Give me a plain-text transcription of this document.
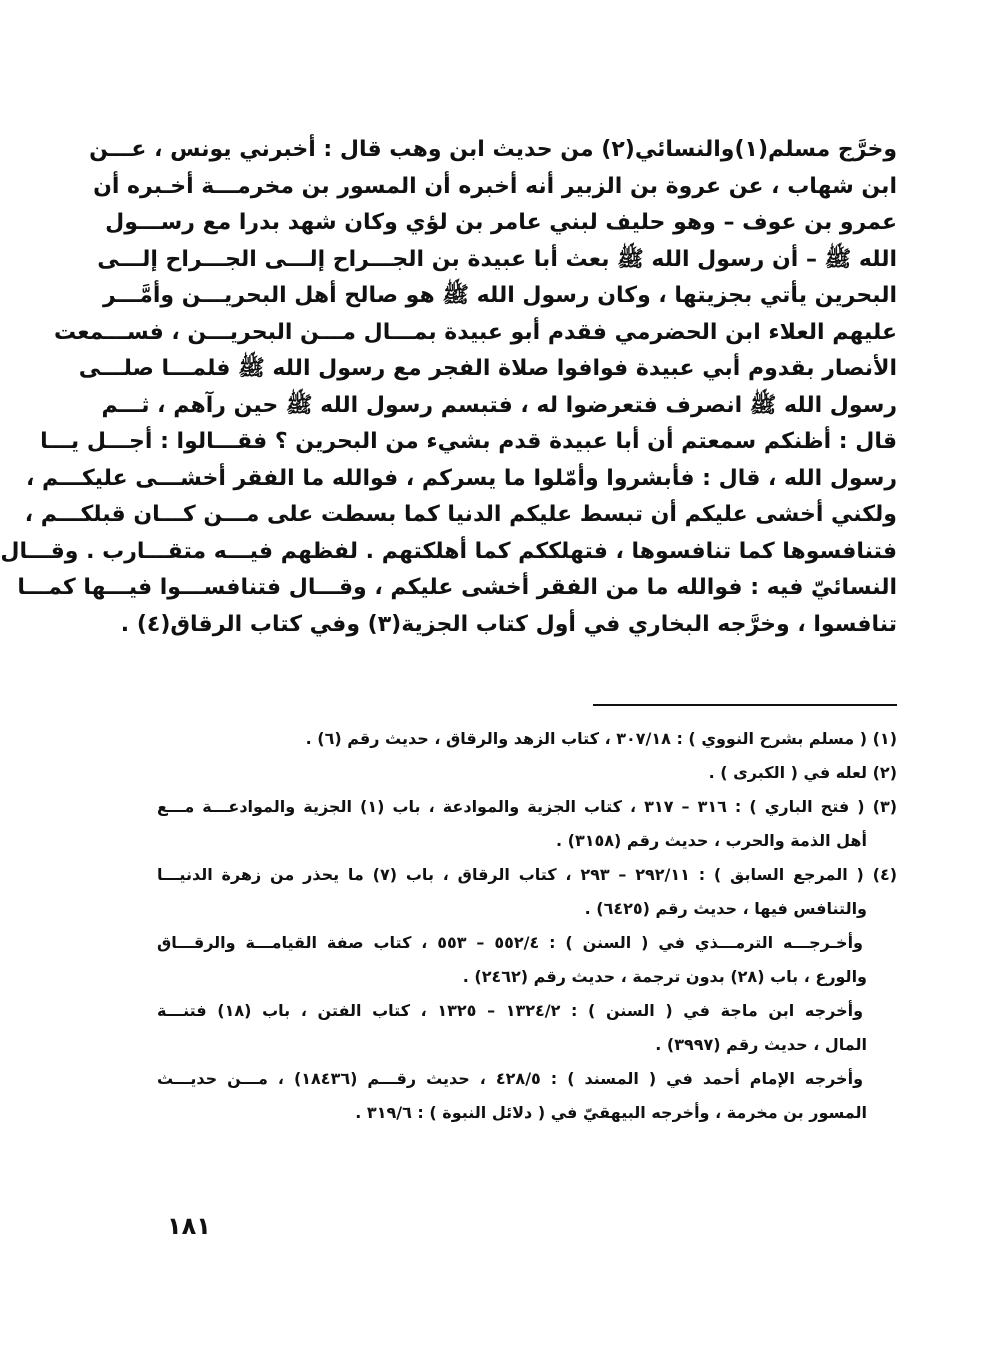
وخرَّج مسلم(١)والنسائي(٢) من حديث ابن وهب قال : أخبرني يونس ، عـــن
ابن شهاب ، عن عروة بن الزبير أنه أخبره أن المسور بن مخرمـــة أخـبره أن
عمرو بن عوف – وهو حليف لبني عامر بن لؤي وكان شهد بدرا مع رســـول
الله ﷺ – أن رسول الله ﷺ بعث أبا عبيدة بن الجـــراح إلـــى الجـــراح إلـــى
البحرين يأتي بجزيتها ، وكان رسول الله ﷺ هو صالح أهل البحريـــن وأمَّـــر
عليهم العلاء ابن الحضرمي فقدم أبو عبيدة بمـــال مـــن البحريـــن ، فســـمعت
الأنصار بقدوم أبي عبيدة فوافوا صلاة الفجر مع رسول الله ﷺ فلمـــا صلـــى
رسول الله ﷺ انصرف فتعرضوا له ، فتبسم رسول الله ﷺ حين رآهم ، ثـــم
قال : أظنكم سمعتم أن أبا عبيدة قدم بشيء من البحرين ؟ فقـــالوا : أجـــل يـــا
رسول الله ، قال : فأبشروا وأمّلوا ما يسركم ، فوالله ما الفقر أخشـــى عليكـــم ،
ولكني أخشى عليكم أن تبسط عليكم الدنيا كما بسطت على مـــن كـــان قبلكـــم ،
فتنافسوها كما تنافسوها ، فتهلككم كما أهلكتهم . لفظهم فيـــه متقـــارب . وقـــال
النسائيّ فيه : فوالله ما من الفقر أخشى عليكم ، وقـــال فتنافســـوا فيـــها كمـــا
تنافسوا ، وخرَّجه البخاري في أول كتاب الجزية(٣) وفي كتاب الرقاق(٤) .
(١) ( مسلم بشرح النووي ) : ٣٠٧/١٨ ، كتاب الزهد والرقاق ، حديث رقم (٦) .
(٢) لعله في ( الكبرى ) .
(٣) ( فتح الباري ) : ٣١٦ – ٣١٧ ، كتاب الجزية والموادعة ، باب (١) الجزية والموادعـــة مـــع
أهل الذمة والحرب ، حديث رقم (٣١٥٨) .
(٤) ( المرجع السابق ) : ٢٩٢/١١ – ٢٩٣ ، كتاب الرقاق ، باب (٧) ما يحذر من زهرة الدنيـــا
والتنافس فيها ، حديث رقم (٦٤٢٥) .
وأخـرجـــه الترمـــذي في ( السنن ) : ٥٥٢/٤ – ٥٥٣ ، كتاب صفة القيامـــة والرقـــاق
والورع ، باب (٢٨) بدون ترجمة ، حديث رقم (٢٤٦٢) .
وأخرجه ابن ماجة في ( السنن ) : ١٣٢٤/٢ – ١٣٢٥ ، كتاب الفتن ، باب (١٨) فتنـــة
المال ، حديث رقم (٣٩٩٧) .
وأخرجه الإمام أحمد في ( المسند ) : ٤٢٨/٥ ، حديث رقـــم (١٨٤٣٦) ، مـــن حديـــث
المسور بن مخرمة ، وأخرجه البيهقيّ في ( دلائل النبوة ) : ٣١٩/٦ .
١٨١
